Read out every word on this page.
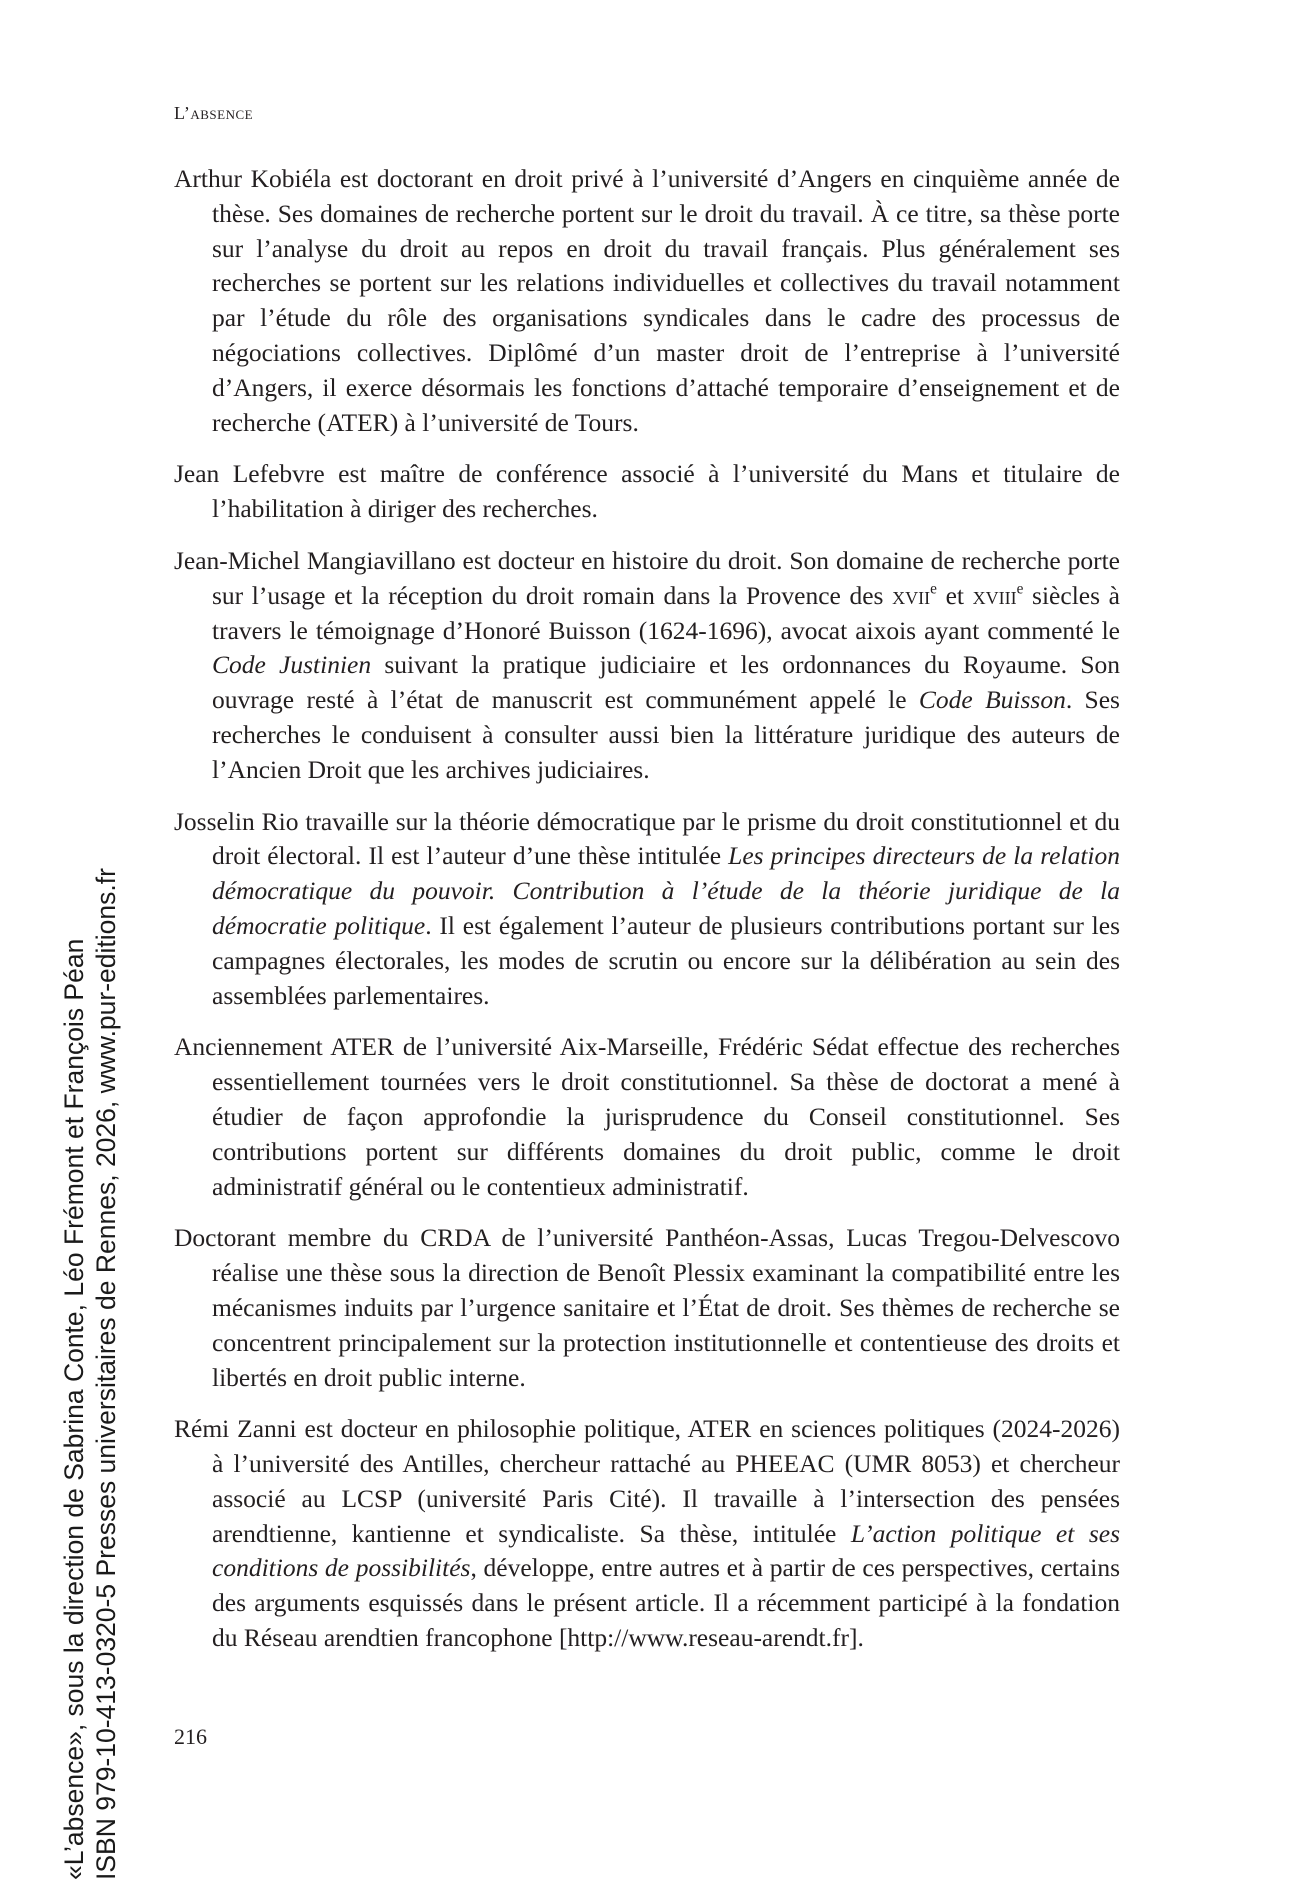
L’absence

Arthur Kobiéla est doctorant en droit privé à l’université d’Angers en cinquième année de thèse. Ses domaines de recherche portent sur le droit du travail. À ce titre, sa thèse porte sur l’analyse du droit au repos en droit du travail français. Plus généralement ses recherches se portent sur les relations individuelles et collectives du travail notamment par l’étude du rôle des organisations syndicales dans le cadre des processus de négociations collectives. Diplômé d’un master droit de l’entreprise à l’université d’Angers, il exerce désormais les fonctions d’attaché temporaire d’enseignement et de recherche (ATER) à l’université de Tours.

Jean Lefebvre est maître de conférence associé à l’université du Mans et titulaire de l’habilitation à diriger des recherches.

Jean-Michel Mangiavillano est docteur en histoire du droit. Son domaine de recherche porte sur l’usage et la réception du droit romain dans la Provence des xvii$^e$ et xviii$^e$ siècles à travers le témoignage d’Honoré Buisson (1624-1696), avocat aixois ayant commenté le Code Justinien suivant la pratique judiciaire et les ordonnances du Royaume. Son ouvrage resté à l’état de manuscrit est communément appelé le Code Buisson. Ses recherches le conduisent à consulter aussi bien la littérature juridique des auteurs de l’Ancien Droit que les archives judiciaires.

Josselin Rio travaille sur la théorie démocratique par le prisme du droit constitutionnel et du droit électoral. Il est l’auteur d’une thèse intitulée Les principes directeurs de la relation démocratique du pouvoir. Contribution à l’étude de la théorie juridique de la démocratie politique. Il est également l’auteur de plusieurs contributions portant sur les campagnes électorales, les modes de scrutin ou encore sur la délibération au sein des assemblées parlementaires.

Anciennement ATER de l’université Aix-Marseille, Frédéric Sédat effectue des recherches essentiellement tournées vers le droit constitutionnel. Sa thèse de doctorat a mené à étudier de façon approfondie la jurisprudence du Conseil constitutionnel. Ses contributions portent sur différents domaines du droit public, comme le droit administratif général ou le contentieux administratif.

Doctorant membre du CRDA de l’université Panthéon-Assas, Lucas Tregou-Delvescovo réalise une thèse sous la direction de Benoît Plessix examinant la compatibilité entre les mécanismes induits par l’urgence sanitaire et l’État de droit. Ses thèmes de recherche se concentrent principalement sur la protection institutionnelle et contentieuse des droits et libertés en droit public interne.

Rémi Zanni est docteur en philosophie politique, ATER en sciences politiques (2024-2026) à l’université des Antilles, chercheur rattaché au PHEEAC (UMR 8053) et chercheur associé au LCSP (université Paris Cité). Il travaille à l’intersection des pensées arendtienne, kantienne et syndicaliste. Sa thèse, intitulée L’action politique et ses conditions de possibilités, développe, entre autres et à partir de ces perspectives, certains des arguments esquissés dans le présent article. Il a récemment participé à la fondation du Réseau arendtien francophone [http://www.reseau-arendt.fr].

216
«L’absence», sous la direction de Sabrina Conte, Léo Frémont et François Péan ISBN 979-10-413-0320-5 Presses universitaires de Rennes, 2026, www.pur-editions.fr
